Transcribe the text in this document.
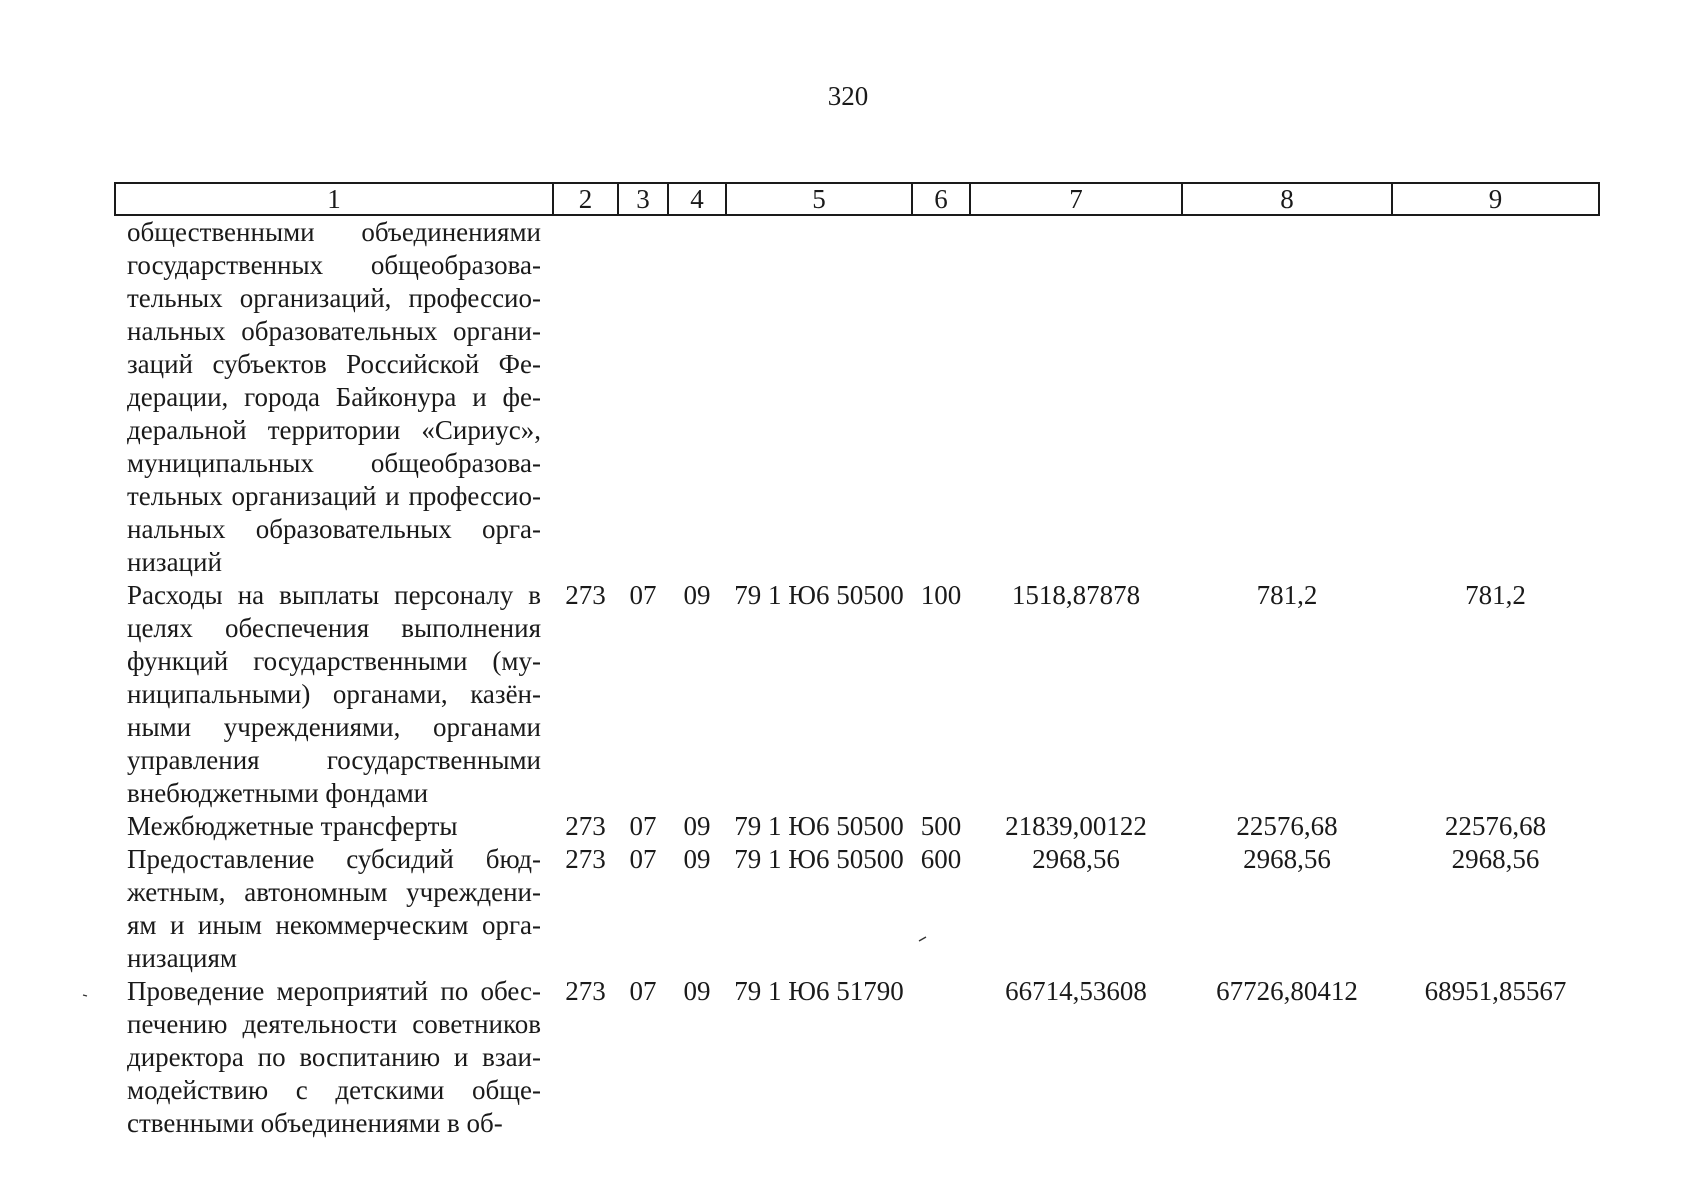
320
1	2	3	4	5	6	7	8	9
общественными объединениями государственных общеобразова-тельных организаций, профессио-нальных образовательных органи-заций субъектов Российской Фе-дерации, города Байконура и фе-деральной территории «Сириус», муниципальных общеобразова-тельных организаций и профессио-нальных образовательных орга-низаций								
Расходы на выплаты персоналу в целях обеспечения выполнения функций государственными (му-ниципальными) органами, казён-ными учреждениями, органами управления государственными внебюджетными фондами	273	07	09	79 1 Ю6 50500	100	1518,87878	781,2	781,2
Межбюджетные трансферты	273	07	09	79 1 Ю6 50500	500	21839,00122	22576,68	22576,68
Предоставление субсидий бюд-жетным, автономным учреждени-ям и иным некоммерческим орга-низациям	273	07	09	79 1 Ю6 50500	600	2968,56	2968,56	2968,56
Проведение мероприятий по обес-печению деятельности советников директора по воспитанию и взаи-модействию с детскими обще-ственными объединениями в об-	273	07	09	79 1 Ю6 51790		66714,53608	67726,80412	68951,85567
